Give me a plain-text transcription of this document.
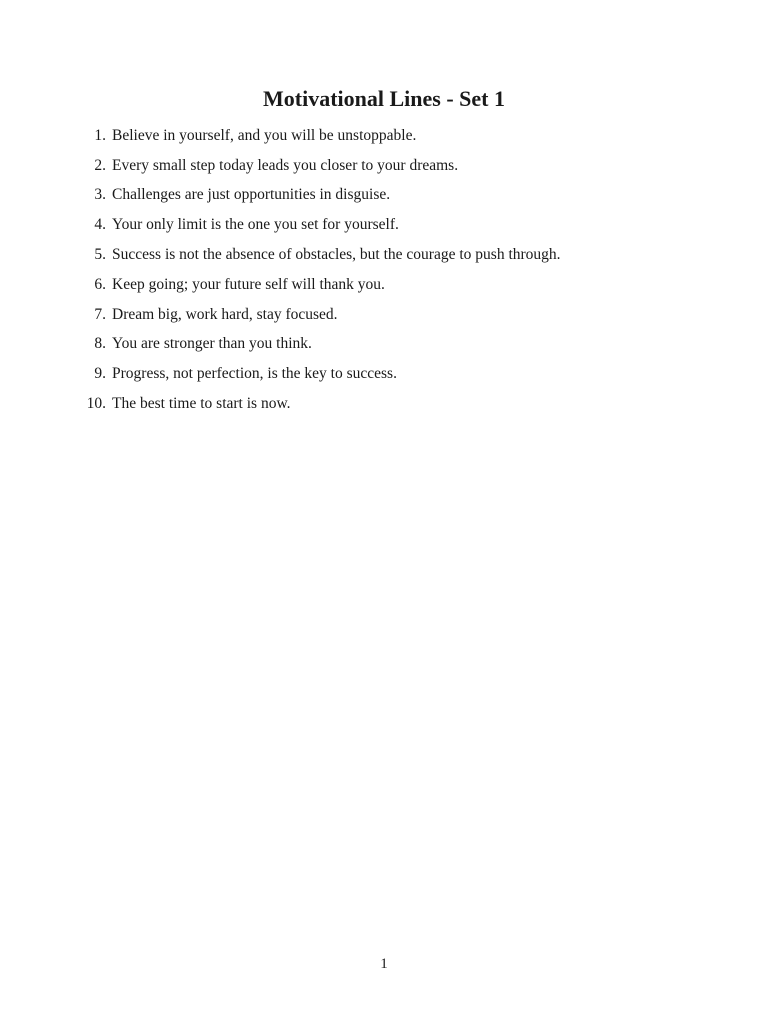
Motivational Lines - Set 1
1. Believe in yourself, and you will be unstoppable.
2. Every small step today leads you closer to your dreams.
3. Challenges are just opportunities in disguise.
4. Your only limit is the one you set for yourself.
5. Success is not the absence of obstacles, but the courage to push through.
6. Keep going; your future self will thank you.
7. Dream big, work hard, stay focused.
8. You are stronger than you think.
9. Progress, not perfection, is the key to success.
10. The best time to start is now.
1
